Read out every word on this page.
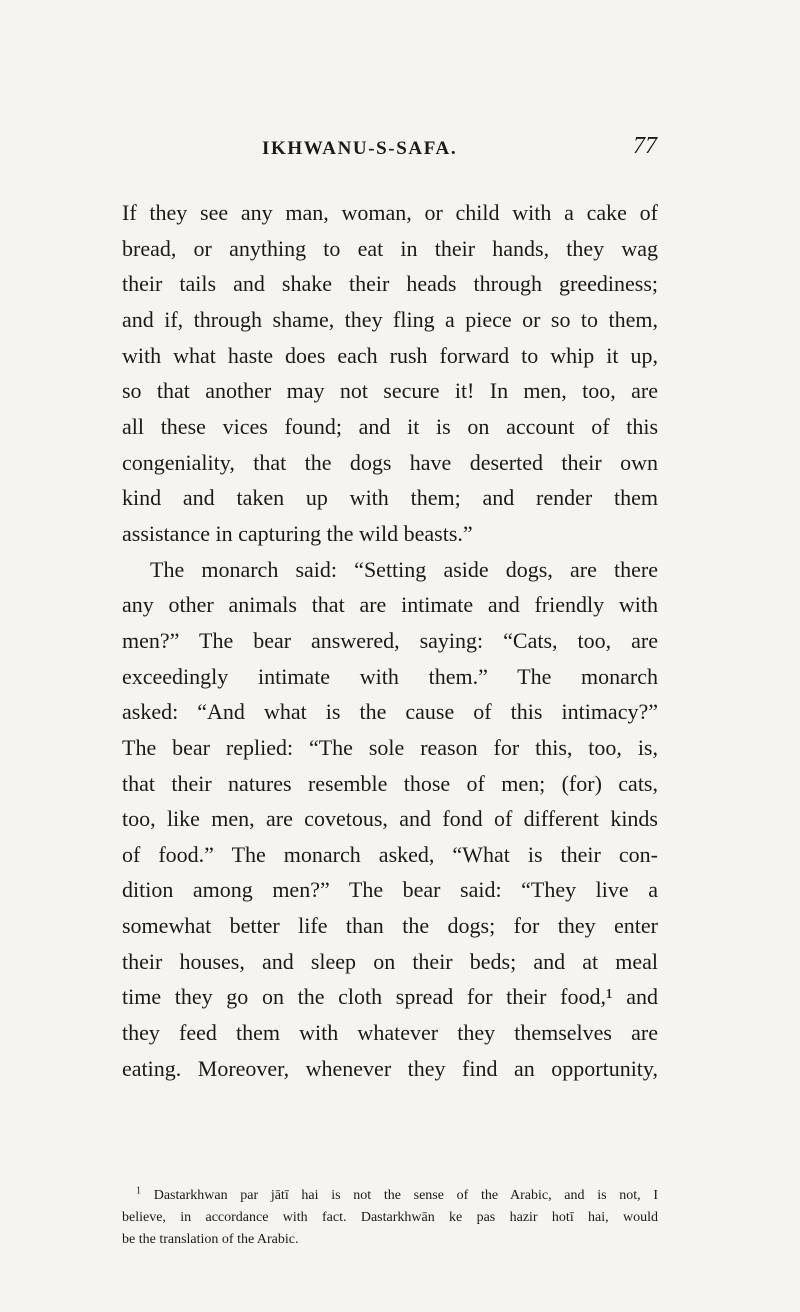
IKHWANU-S-SAFA.	77
If they see any man, woman, or child with a cake of
bread, or anything to eat in their hands, they wag
their tails and shake their heads through greediness;
and if, through shame, they fling a piece or so to them,
with what haste does each rush forward to whip it up,
so that another may not secure it! In men, too, are
all these vices found; and it is on account of this
congeniality, that the dogs have deserted their own
kind and taken up with them; and render them
assistance in capturing the wild beasts.”
The monarch said: “Setting aside dogs, are there
any other animals that are intimate and friendly with
men?” The bear answered, saying: “Cats, too, are
exceedingly intimate with them.” The monarch
asked: “And what is the cause of this intimacy?”
The bear replied: “The sole reason for this, too, is,
that their natures resemble those of men; (for) cats,
too, like men, are covetous, and fond of different kinds
of food.” The monarch asked, “What is their con-
dition among men?” The bear said: “They live a
somewhat better life than the dogs; for they enter
their houses, and sleep on their beds; and at meal
time they go on the cloth spread for their food,¹ and
they feed them with whatever they themselves are
eating. Moreover, whenever they find an opportunity,
$^1$ Dastarkhwan par jātī hai is not the sense of the Arabic, and is not, I
believe, in accordance with fact. Dastarkhwān ke pas hazir hotī hai, would
be the translation of the Arabic.
